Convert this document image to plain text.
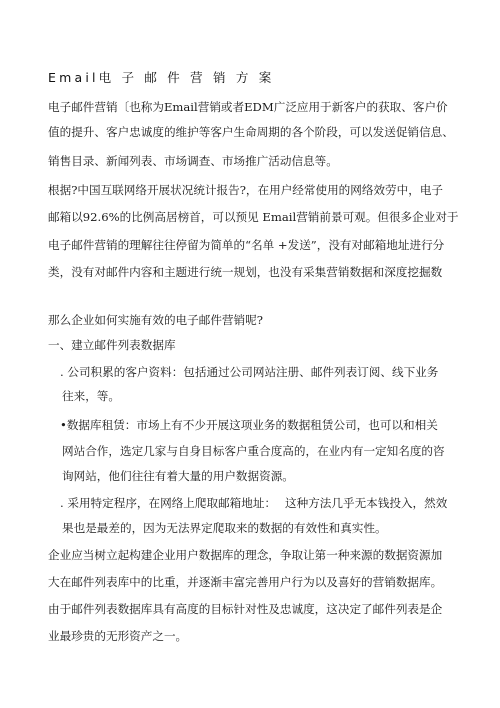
Email电 子 邮 件 营 销 方 案
电子邮件营销〔也称为Email营销或者EDM广泛应用于新客户的获取、客户价
值的提升、客户忠诚度的维护等客户生命周期的各个阶段，可以发送促销信息、
销售目录、新闻列表、市场调查、市场推广活动信息等。
根据?中国互联网络开展状况统计报告?，在用户经常使用的网络效劳中，电子
邮箱以92.6%的比例高居榜首，可以预见 Email营销前景可观。但很多企业对于
电子邮件营销的理解往往停留为简单的“名单 +发送”，没有对邮箱地址进行分
类，没有对邮件内容和主题进行统一规划，也没有采集营销数据和深度挖掘数
那么企业如何实施有效的电子邮件营销呢?
一、建立邮件列表数据库
. 公司积累的客户资料：包括通过公司网站注册、邮件列表订阅、线下业务
往来，等。
•数据库租赁：市场上有不少开展这项业务的数据租赁公司，也可以和相关
网站合作，选定几家与自身目标客户重合度高的，在业内有一定知名度的咨
询网站，他们往往有着大量的用户数据资源。
. 采用特定程序，在网络上爬取邮箱地址： 这种方法几乎无本钱投入，然效
果也是最差的，因为无法界定爬取来的数据的有效性和真实性。
企业应当树立起构建企业用户数据库的理念，争取让第一种来源的数据资源加
大在邮件列表库中的比重，并逐渐丰富完善用户行为以及喜好的营销数据库。
由于邮件列表数据库具有高度的目标针对性及忠诚度，这决定了邮件列表是企
业最珍贵的无形资产之一。
